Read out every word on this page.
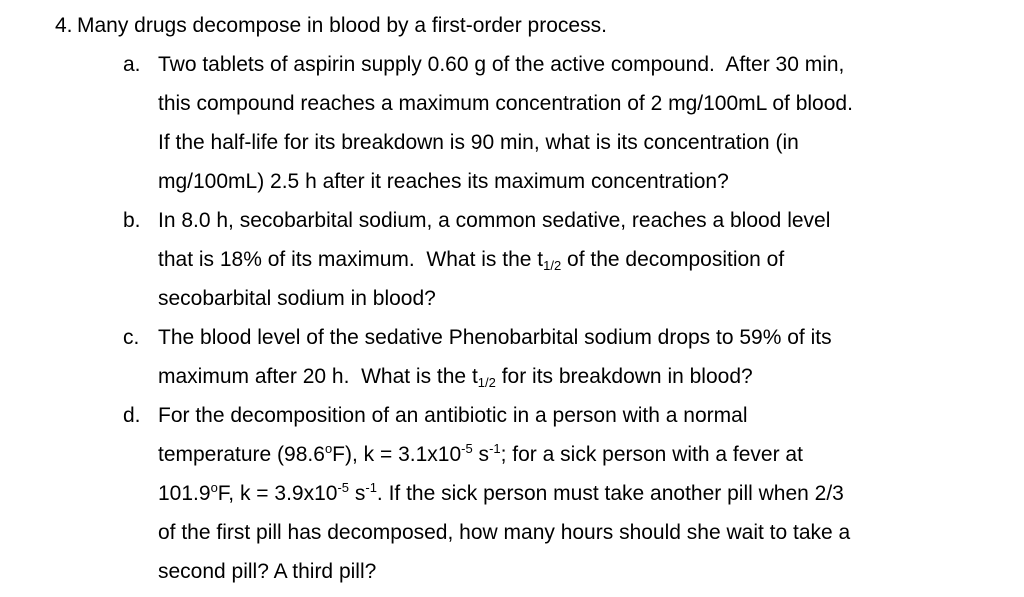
4. Many drugs decompose in blood by a first-order process.
a. Two tablets of aspirin supply 0.60 g of the active compound.  After 30 min,
this compound reaches a maximum concentration of 2 mg/100mL of blood.
If the half-life for its breakdown is 90 min, what is its concentration (in
mg/100mL) 2.5 h after it reaches its maximum concentration?
b. In 8.0 h, secobarbital sodium, a common sedative, reaches a blood level
that is 18% of its maximum.  What is the $t_{1/2}$ of the decomposition of
secobarbital sodium in blood?
c. The blood level of the sedative Phenobarbital sodium drops to 59% of its
maximum after 20 h.  What is the $t_{1/2}$ for its breakdown in blood?
d. For the decomposition of an antibiotic in a person with a normal
temperature (98.6$^o$F), $k = 3.1x10^{-5}$ $s^{-1}$; for a sick person with a fever at
101.9$^o$F, $k = 3.9x10^{-5}$ $s^{-1}$. If the sick person must take another pill when 2/3
of the first pill has decomposed, how many hours should she wait to take a
second pill? A third pill?
